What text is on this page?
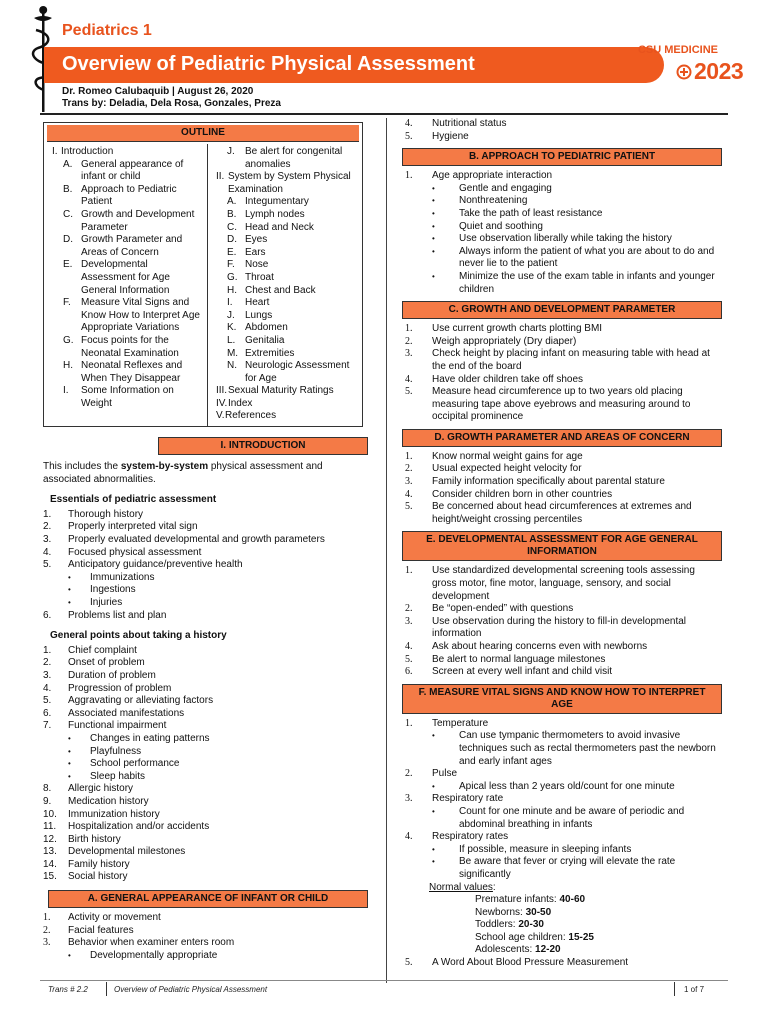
Pediatrics 1
Overview of Pediatric Physical Assessment
CSU MEDICINE
2023
Dr. Romeo Calubaquib | August 26, 2020
Trans by: Deladia, Dela Rosa, Gonzales, Preza
OUTLINE
I. Introduction
A. General appearance of infant or child
B. Approach to Pediatric Patient
C. Growth and Development Parameter
D. Growth Parameter and Areas of Concern
E. Developmental Assessment for Age General Information
F.	Measure Vital Signs and Know How to Interpret Age Appropriate Variations
G. Focus points for the Neonatal Examination
H. Neonatal Reflexes and When They Disappear
I.	Some Information on Weight
J.	Be alert for congenital anomalies
II. System by System Physical Examination
A. Integumentary
B. Lymph nodes
C. Head and Neck
D. Eyes
E. Ears
F.	Nose
G. Throat
H. Chest and Back
I.	Heart
J.	Lungs
K. Abdomen
L. Genitalia
M. Extremities
N. Neurologic Assessment for Age
III. Sexual Maturity Ratings
IV. Index
V. References
I. INTRODUCTION
This includes the system-by-system physical assessment and associated abnormalities.
Essentials of pediatric assessment
1.	Thorough history
2.	Properly interpreted vital sign
3.	Properly evaluated developmental and growth parameters
4.	Focused physical assessment
5.	Anticipatory guidance/preventive health
•	Immunizations
•	Ingestions
•	Injuries
6.	Problems list and plan
General points about taking a history
1.	Chief complaint
2.	Onset of problem
3.	Duration of problem
4.	Progression of problem
5.	Aggravating or alleviating factors
6.	Associated manifestations
7.	Functional impairment
•	Changes in eating patterns
•	Playfulness
•	School performance
•	Sleep habits
8.	Allergic history
9.	Medication history
10.	Immunization history
11.	Hospitalization and/or accidents
12.	Birth history
13.	Developmental milestones
14.	Family history
15.	Social history
A. GENERAL APPEARANCE OF INFANT OR CHILD
1.	Activity or movement
2.	Facial features
3.	Behavior when examiner enters room
•	Developmentally appropriate
4.	Nutritional status
5.	Hygiene
B. APPROACH TO PEDIATRIC PATIENT
1.	Age appropriate interaction
•	Gentle and engaging
•	Nonthreatening
•	Take the path of least resistance
•	Quiet and soothing
•	Use observation liberally while taking the history
•	Always inform the patient of what you are about to do and never lie to the patient
•	Minimize the use of the exam table in infants and younger children
C. GROWTH AND DEVELOPMENT PARAMETER
1.	Use current growth charts plotting BMI
2.	Weigh appropriately (Dry diaper)
3.	Check height by placing infant on measuring table with head at the end of the board
4.	Have older children take off shoes
5.	Measure head circumference up to two years old placing measuring tape above eyebrows and measuring around to occipital prominence
D. GROWTH PARAMETER AND AREAS OF CONCERN
1.	Know normal weight gains for age
2.	Usual expected height velocity for
3.	Family information specifically about parental stature
4.	Consider children born in other countries
5.	Be concerned about head circumferences at extremes and height/weight crossing percentiles
E. DEVELOPMENTAL ASSESSMENT FOR AGE GENERAL INFORMATION
1.	Use standardized developmental screening tools assessing gross motor, fine motor, language, sensory, and social development
2.	Be “open-ended” with questions
3.	Use observation during the history to fill-in developmental information
4.	Ask about hearing concerns even with newborns
5.	Be alert to normal language milestones
6.	Screen at every well infant and child visit
F. MEASURE VITAL SIGNS AND KNOW HOW TO INTERPRET AGE
1.	Temperature
•	Can use tympanic thermometers to avoid invasive techniques such as rectal thermometers past the newborn and early infant ages
2.	Pulse
•	Apical less than 2 years old/count for one minute
3.	Respiratory rate
•	Count for one minute and be aware of periodic and abdominal breathing in infants
4.	Respiratory rates
•	If possible, measure in sleeping infants
•	Be aware that fever or crying will elevate the rate significantly
Normal values:
Premature infants: 40-60
Newborns: 30-50
Toddlers: 20-30
School age children: 15-25
Adolescents: 12-20
5.	A Word About Blood Pressure Measurement
Trans # 2.2	Overview of Pediatric Physical Assessment	1 of 7
